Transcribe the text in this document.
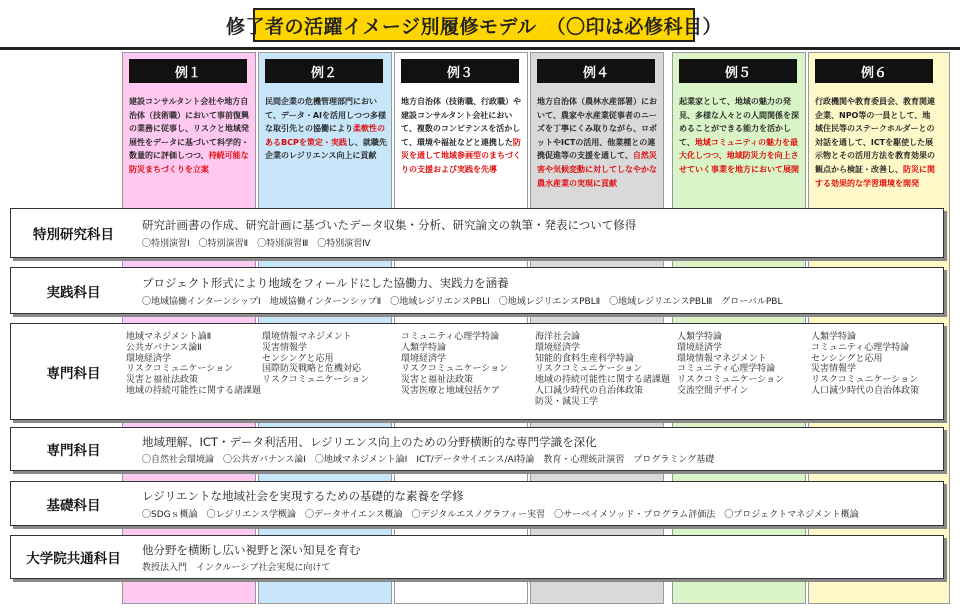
修了者の活躍イメージ別履修モデル　（〇印は必修科目）
例１
建設コンサルタント会社や地方自治体（技術職）において事前復興の業務に従事し、リスクと地域発展性をデータに基づいて科学的・数量的に評価しつつ、持続可能な防災まちづくりを立案
例２
民間企業の危機管理部門において、データ・AIを活用しつつ多様な取引先との協働により柔軟性のあるBCPを策定・実践し、就職先企業のレジリエンス向上に貢献
例３
地方自治体（技術職、行政職）や建設コンサルタント会社において、複数のコンピテンスを活かして、環境や福祉などと連携した防災を通して地域参画型のまちづくりの支援および実践を先導
例４
地方自治体（農林水産部署）において、農家や水産業従事者のニーズを丁寧にくみ取りながら、ロボットやICTの活用、他業種との連携促進等の支援を通して、自然災害や気候変動に対してしなやかな農水産業の実現に貢献
例５
起業家として、地域の魅力の発見、多様な人々との人間関係を深めることができる能力を活かして、地域コミュニティの魅力を最大化しつつ、地域防災力を向上させていく事業を地方において展開
例６
行政機関や教育委員会、教育関連企業、NPO等の一員として、地域住民等のステークホルダーとの対話を通して、ICTを駆使した展示物とその活用方法を教育効果の観点から検証・改善し、防災に関する効果的な学習環境を開発
特別研究科目
研究計画書の作成、研究計画に基づいたデータ収集・分析、研究論文の執筆・発表について修得
〇特別演習Ⅰ　〇特別演習Ⅱ　〇特別演習Ⅲ　〇特別演習Ⅳ
実践科目
プロジェクト形式により地域をフィールドにした協働力、実践力を涵養
〇地域協働インターンシップⅠ　地域協働インターンシップⅡ　〇地域レジリエンスPBLⅠ　〇地域レジリエンスPBLⅡ　〇地域レジリエンスPBLⅢ　グローバルPBL
専門科目
地域マネジメント論Ⅱ
公共ガバナンス論Ⅱ
環境経済学
リスクコミュニケーション
災害と福祉法政策
地域の持続可能性に関する諸課題
環境情報マネジメント
災害情報学
センシングと応用
国際防災戦略と危機対応
リスクコミュニケーション
コミュニティ心理学特論
人類学特論
環境経済学
リスクコミュニケーション
災害と福祉法政策
災害医療と地域包括ケア
海洋社会論
環境経済学
知能的食料生産科学特論
リスクコミュニケーション
地域の持続可能性に関する諸課題
人口減少時代の自治体政策
防災・減災工学
人類学特論
環境経済学
環境情報マネジメント
コミュニティ心理学特論
リスクコミュニケーション
交流空間デザイン
人類学特論
コミュニティ心理学特論
センシングと応用
災害情報学
リスクコミュニケーション
人口減少時代の自治体政策
専門科目
地域理解、ICT・データ利活用、レジリエンス向上のための分野横断的な専門学識を深化
〇自然社会環境論　〇公共ガバナンス論Ⅰ　〇地域マネジメント論Ⅰ　ICT/データサイエンス/AI特論　教育・心理統計演習　プログラミング基礎
基礎科目
レジリエントな地域社会を実現するための基礎的な素養を学修
〇SDGｓ概論　〇レジリエンス学概論　〇データサイエンス概論　〇デジタルエスノグラフィー実習　〇サーベイメソッド・プログラム評価法　〇プロジェクトマネジメント概論
大学院共通科目
他分野を横断し広い視野と深い知見を育む
教授法入門　インクルーシブ社会実現に向けて
